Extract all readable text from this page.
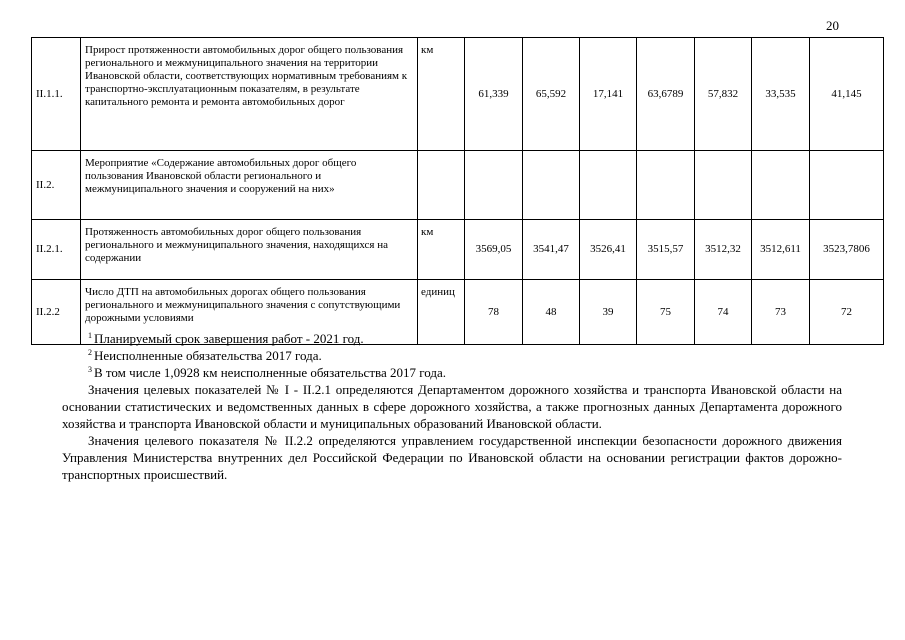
20
II.1.1.	Прирост протяженности автомобильных дорог общего пользования регионального и межмуниципального значения на территории Ивановской области, соответствующих нормативным требованиям к транспортно-эксплуатационным показателям, в результате капитального ремонта и ремонта автомобильных дорог	км	61,339	65,592	17,141	63,6789	57,832	33,535	41,145
II.2.	Мероприятие «Содержание автомобильных дорог общего пользования Ивановской области регионального и межмуниципального значения и сооружений на них»								
II.2.1.	Протяженность автомобильных дорог общего пользования регионального и межмуниципального значения, находящихся на содержании	км	3569,05	3541,47	3526,41	3515,57	3512,32	3512,611	3523,7806
II.2.2	Число ДТП на автомобильных дорогах общего пользования регионального и межмуниципального значения с сопутствующими дорожными условиями	единиц	78	48	39	75	74	73	72

$^1$ Планируемый срок завершения работ - 2021 год.

$^2$ Неисполненные обязательства 2017 года.

$^3$ В том числе 1,0928 км неисполненные обязательства 2017 года.

Значения целевых показателей № I - II.2.1 определяются Департаментом дорожного хозяйства и транспорта Ивановской области на основании статистических и ведомственных данных в сфере дорожного хозяйства, а также прогнозных данных Департамента дорожного хозяйства и транспорта Ивановской области и муниципальных образований Ивановской области.

Значения целевого показателя № II.2.2 определяются управлением государственной инспекции безопасности дорожного движения Управления Министерства внутренних дел Российской Федерации по Ивановской области на основании регистрации фактов дорожно-транспортных происшествий.
